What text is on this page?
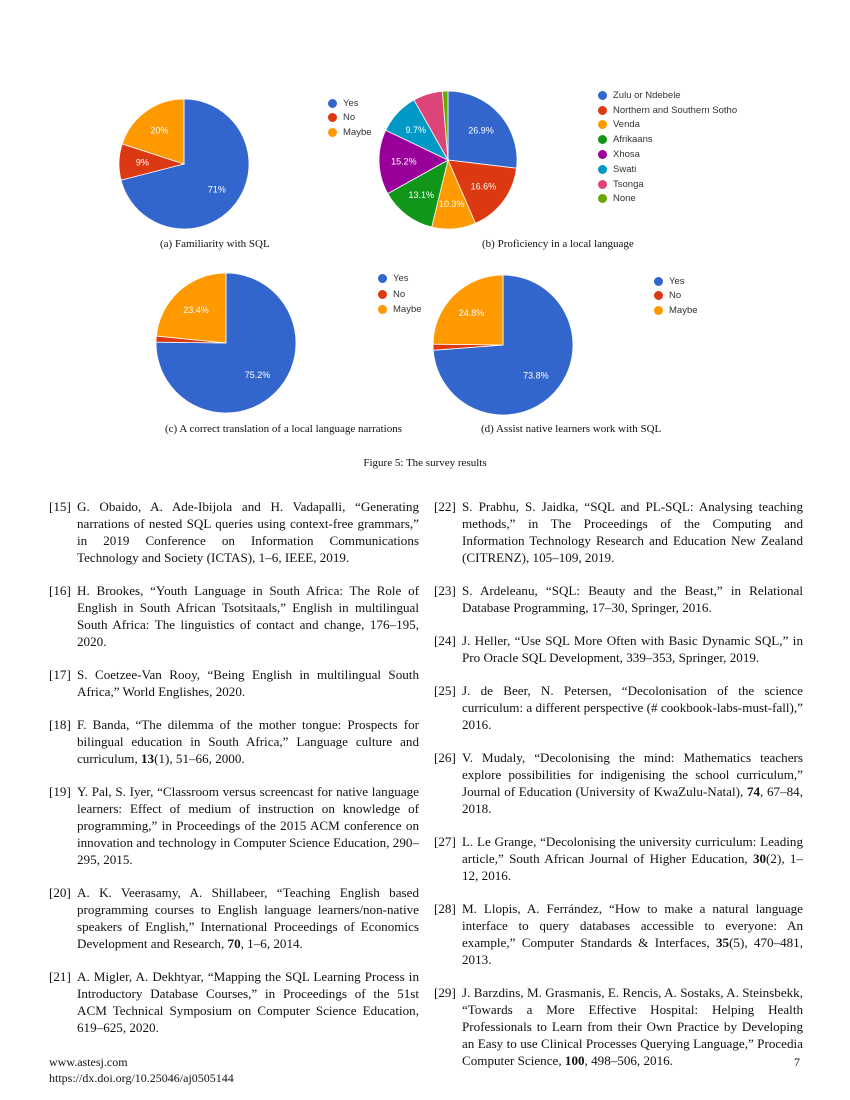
71%
9%
20%
Yes
No
Maybe
(a) Familiarity with SQL
26.9%
16.6%
10.3%
13.1%
15.2%
9.7%
Zulu or Ndebele
Northern and Southern Sotho
Venda
Afrikaans
Xhosa
Swati
Tsonga
None
(b) Proficiency in a local language
75.2%
23.4%
Yes
No
Maybe
(c) A correct translation of a local language narrations
73.8%
24.8%
Yes
No
Maybe
(d) Assist native learners work with SQL
Figure 5: The survey results
[15] G. Obaido, A. Ade-Ibijola and H. Vadapalli, “Generating narrations of nested SQL queries using context-free grammars,” in 2019 Conference on Information Communications Technology and Society (ICTAS), 1–6, IEEE, 2019.
[16] H. Brookes, “Youth Language in South Africa: The Role of English in South African Tsotsitaals,” English in multilingual South Africa: The linguistics of contact and change, 176–195, 2020.
[17] S. Coetzee-Van Rooy, “Being English in multilingual South Africa,” World Englishes, 2020.
[18] F. Banda, “The dilemma of the mother tongue: Prospects for bilingual education in South Africa,” Language culture and curriculum, 13(1), 51–66, 2000.
[19] Y. Pal, S. Iyer, “Classroom versus screencast for native language learners: Effect of medium of instruction on knowledge of programming,” in Proceedings of the 2015 ACM conference on innovation and technology in Computer Science Education, 290–295, 2015.
[20] A. K. Veerasamy, A. Shillabeer, “Teaching English based programming courses to English language learners/non-native speakers of English,” International Proceedings of Economics Development and Research, 70, 1–6, 2014.
[21] A. Migler, A. Dekhtyar, “Mapping the SQL Learning Process in Introductory Database Courses,” in Proceedings of the 51st ACM Technical Symposium on Computer Science Education, 619–625, 2020.
[22] S. Prabhu, S. Jaidka, “SQL and PL-SQL: Analysing teaching methods,” in The Proceedings of the Computing and Information Technology Research and Education New Zealand (CITRENZ), 105–109, 2019.
[23] S. Ardeleanu, “SQL: Beauty and the Beast,” in Relational Database Programming, 17–30, Springer, 2016.
[24] J. Heller, “Use SQL More Often with Basic Dynamic SQL,” in Pro Oracle SQL Development, 339–353, Springer, 2019.
[25] J. de Beer, N. Petersen, “Decolonisation of the science curriculum: a different perspective (# cookbook-labs-must-fall),” 2016.
[26] V. Mudaly, “Decolonising the mind: Mathematics teachers explore possibilities for indigenising the school curriculum,” Journal of Education (University of KwaZulu-Natal), 74, 67–84, 2018.
[27] L. Le Grange, “Decolonising the university curriculum: Leading article,” South African Journal of Higher Education, 30(2), 1–12, 2016.
[28] M. Llopis, A. Ferrández, “How to make a natural language interface to query databases accessible to everyone: An example,” Computer Standards & Interfaces, 35(5), 470–481, 2013.
[29] J. Barzdins, M. Grasmanis, E. Rencis, A. Sostaks, A. Steinsbekk, “Towards a More Effective Hospital: Helping Health Professionals to Learn from their Own Practice by Developing an Easy to use Clinical Processes Querying Language,” Procedia Computer Science, 100, 498–506, 2016.
www.astesj.com
https://dx.doi.org/10.25046/aj0505144
7
